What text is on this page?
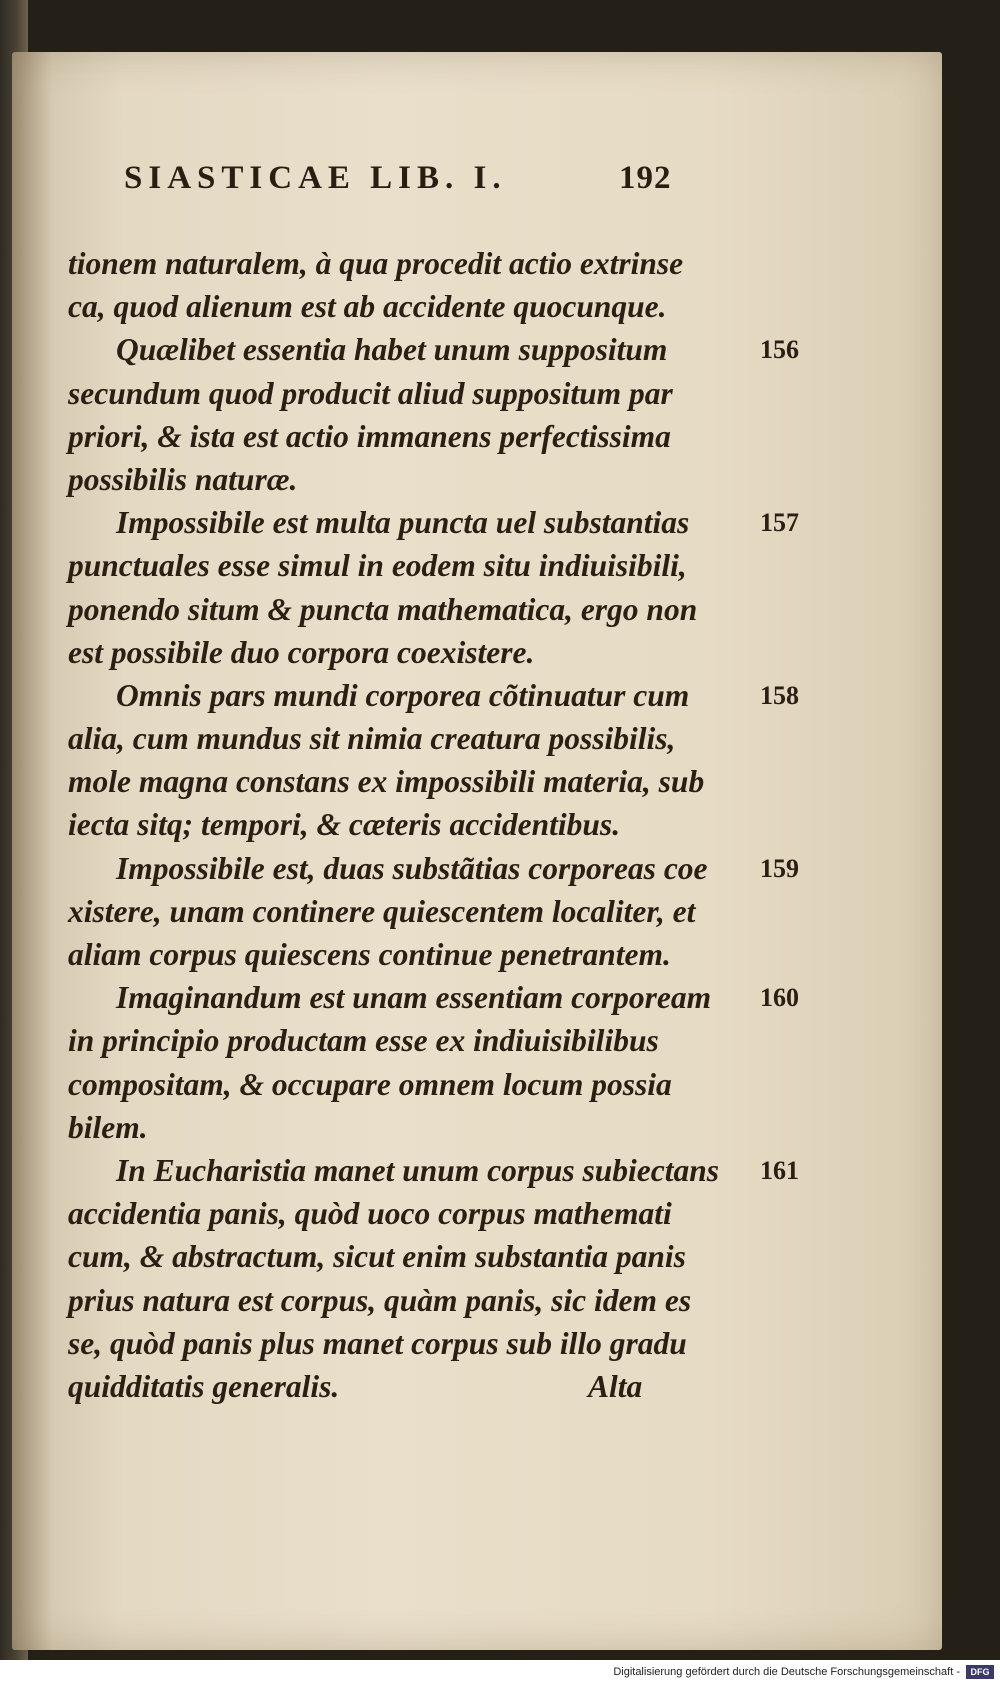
SIASTICAE LIB. I.	192
tionem naturalem, à qua procedit actio extrinse
ca, quod alienum est ab accidente quocunque.
Quælibet essentia habet unum suppositum	156
secundum quod producit aliud suppositum par
priori, & ista est actio immanens perfectissima
possibilis naturæ.
Impossibile est multa puncta uel substantias	157
punctuales esse simul in eodem situ indiuisibili,
ponendo situm & puncta mathematica, ergo non
est possibile duo corpora coexistere.
Omnis pars mundi corporea cõtinuatur cum	158
alia, cum mundus sit nimia creatura possibilis,
mole magna constans ex impossibili materia, sub
iecta sitq; tempori, & cæteris accidentibus.
Impossibile est, duas substãtias corporeas coe 159
xistere, unam continere quiescentem localiter, et
aliam corpus quiescens continue penetrantem.
Imaginandum est unam essentiam corpoream 160
in principio productam esse ex indiuisibilibus
compositam, & occupare omnem locum possia
bilem.
In Eucharistia manet unum corpus subiectans 161
accidentia panis, quòd uoco corpus mathemati
cum, & abstractum, sicut enim substantia panis
prius natura est corpus, quàm panis, sic idem es
se, quòd panis plus manet corpus sub illo gradu
quidditatis generalis.	Alta
Digitalisierung gefördert durch die Deutsche Forschungsgemeinschaft -	DFG
